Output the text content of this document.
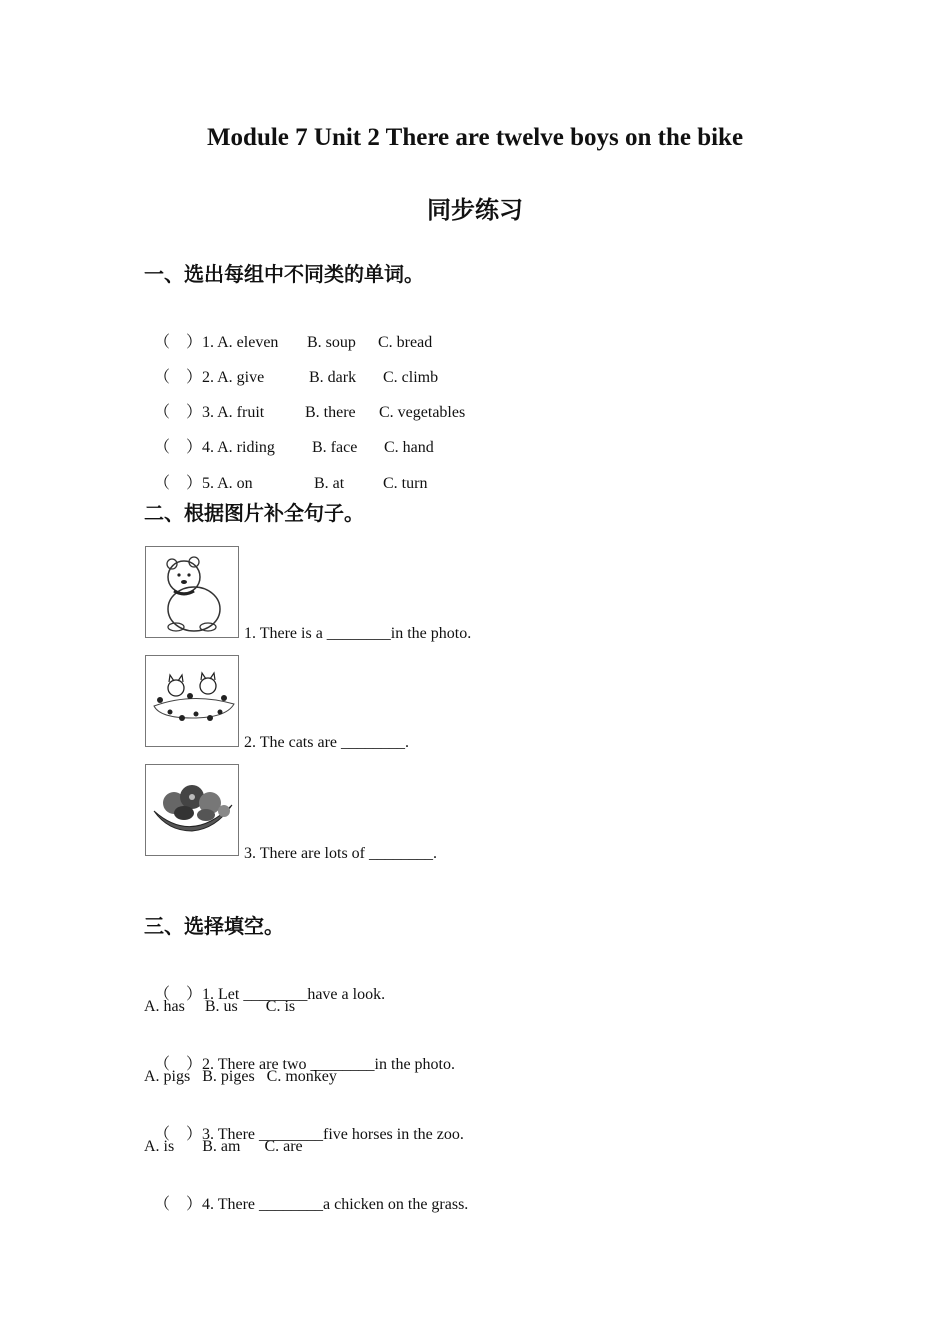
Module 7 Unit 2 There are twelve boys on the bike
同步练习
一、选出每组中不同类的单词。

（　）1. A. eleven B. soup C. bread

（　）2. A. give	B. dark C. climb

（　）3. A. fruit	B. there C. vegetables

（　）4. A. riding B. face C. hand

（　）5. A. on	B. at C. turn

二、根据图片补全句子。
1. There is a ________in the photo.
2. The cats are ________.
3. There are lots of ________.
三、选择填空。

（　）1. Let ________have a look.

A. has     B. us       C. is

（　）2. There are two ________in the photo.

A. pigs   B. piges   C. monkey

（　）3. There ________five horses in the zoo.

A. is       B. am      C. are

（　）4. There ________a chicken on the grass.
